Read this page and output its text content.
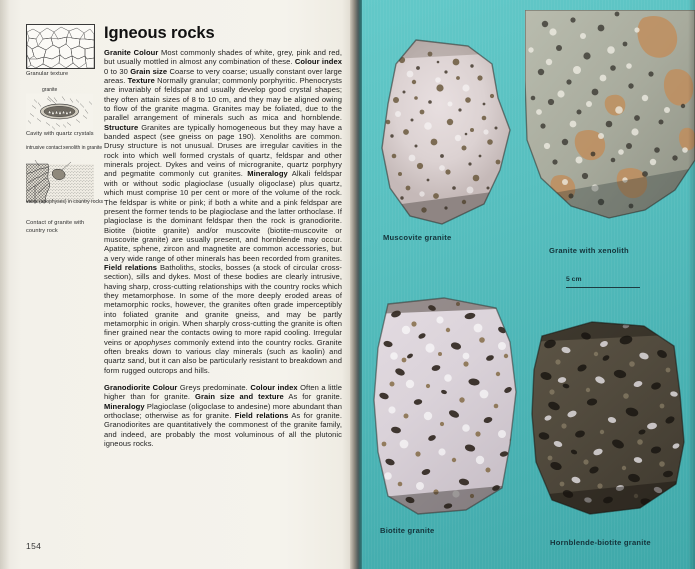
Granular texture
granite
Cavity with quartz crystals
intrusive contact xenolith in granite
veins (apophyses) in country rocks
Contact of granite with country rock
Igneous rocks

Granite Colour Most commonly shades of white, grey, pink and red, but usually mottled in almost any combination of these. Colour index 0 to 30 Grain size Coarse to very coarse; usually constant over large areas. Texture Normally granular; commonly porphyritic. Phenocrysts are invariably of feldspar and usually develop good crystal shapes; they often attain sizes of 8 to 10 cm, and they may be aligned owing to flow of the granite magma. Granites may be foliated, due to the parallel arrangement of minerals such as mica and hornblende. Structure Granites are typically homogeneous but they may have a banded aspect (see gneiss on page 190). Xenoliths are common. Drusy structure is not unusual. Druses are irregular cavities in the rock into which well formed crystals of quartz, feldspar and other minerals project. Dykes and veins of microgranite, quartz porphyry and pegmatite commonly cut granites. Mineralogy Alkali feldspar with or without sodic plagioclase (usually oligoclase) plus quartz, which must comprise 10 per cent or more of the volume of the rock. The feldspar is white or pink; if both a white and a pink feldspar are present the former tends to be plagioclase and the latter orthoclase. If plagioclase is the dominant feldspar then the rock is granodiorite. Biotite (biotite granite) and/or muscovite (biotite-muscovite or muscovite granite) are usually present, and hornblende may occur. Apatite, sphene, zircon and magnetite are common accessories, but a very wide range of other minerals has been recorded from granites. Field relations Batholiths, stocks, bosses (a stock of circular cross-section), sills and dykes. Most of these bodies are clearly intrusive, having sharp, cross-cutting relationships with the country rocks which they metamorphose. In some of the more deeply eroded areas of metamorphic rocks, however, the granites often grade imperceptibly into foliated granite and granite gneiss, and may be partly metamorphic in origin. When sharply cross-cutting the granite is often finer grained near the contacts owing to more rapid cooling. Irregular veins or apophyses commonly extend into the country rocks. Granite often breaks down to various clay minerals (such as kaolin) and quartz sand, but it can also be particularly resistant to breakdown and form rugged outcrops and hills.

Granodiorite Colour Greys predominate. Colour index Often a little higher than for granite. Grain size and texture As for granite. Mineralogy Plagioclase (oligoclase to andesine) more abundant than orthoclase; otherwise as for granite. Field relations As for granite. Granodiorites are quantitatively the commonest of the granite family, and indeed, are probably the most voluminous of all the plutonic igneous rocks.

154
Muscovite granite
Granite with xenolith
5 cm
Biotite granite
Hornblende-biotite granite
